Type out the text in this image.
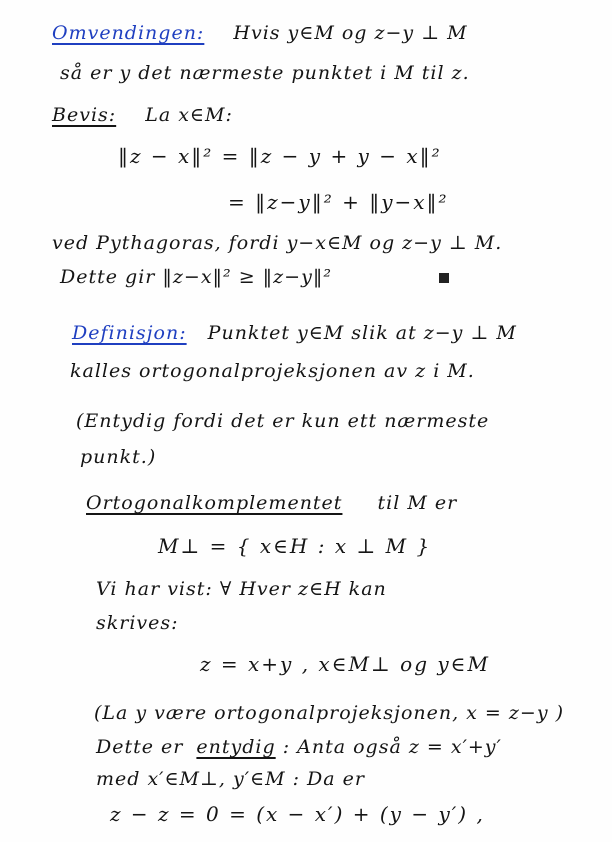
Omvendingen: Hvis y∈M og z−y ⊥ M
så er y det nærmeste punktet i M til z.
Bevis: La x∈M:
‖z − x‖² = ‖z − y + y − x‖²
= ‖z−y‖² + ‖y−x‖²
ved Pythagoras, fordi y−x∈M og z−y ⊥ M.
Dette gir ‖z−x‖² ≥ ‖z−y‖²
Definisjon: Punktet y∈M slik at z−y ⊥ M
kalles ortogonalprojeksjonen av z i M.
(Entydig fordi det er kun ett nærmeste
punkt.)
Ortogonalkomplementet til M er
M⊥ = { x∈H : x ⊥ M }
Vi har vist: ∀ Hver z∈H kan
skrives:
z = x+y , x∈M⊥ og y∈M
(La y være ortogonalprojeksjonen, x = z−y )
Dette er entydig : Anta også z = x′+y′
med x′∈M⊥, y′∈M : Da er
z − z = 0 = (x − x′) + (y − y′) ,
